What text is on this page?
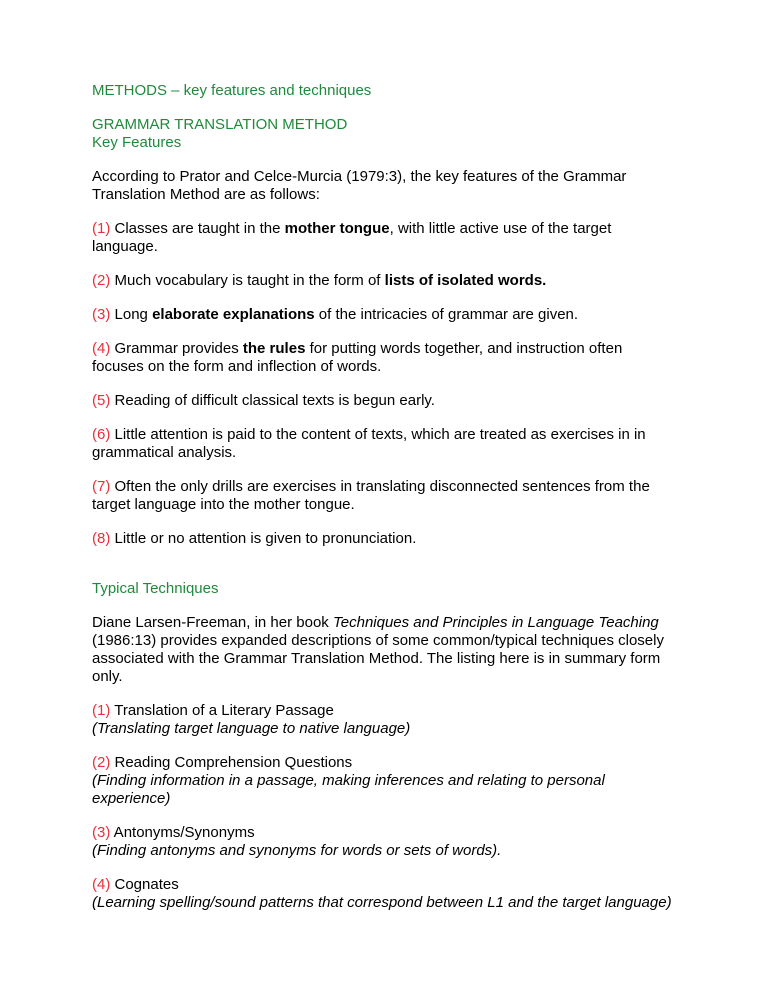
METHODS – key features and techniques

GRAMMAR TRANSLATION METHOD

Key Features

According to Prator and Celce-Murcia (1979:3), the key features of the Grammar Translation Method are as follows:

(1) Classes are taught in the mother tongue, with little active use of the target language.

(2) Much vocabulary is taught in the form of lists of isolated words.

(3) Long elaborate explanations of the intricacies of grammar are given.

(4) Grammar provides the rules for putting words together, and instruction often focuses on the form and inflection of words.

(5) Reading of difficult classical texts is begun early.

(6) Little attention is paid to the content of texts, which are treated as exercises in in grammatical analysis.

(7) Often the only drills are exercises in translating disconnected sentences from the target language into the mother tongue.

(8) Little or no attention is given to pronunciation.

Typical Techniques

Diane Larsen-Freeman, in her book Techniques and Principles in Language Teaching (1986:13) provides expanded descriptions of some common/typical techniques closely associated with the Grammar Translation Method. The listing here is in summary form only.

(1) Translation of a Literary Passage

(Translating target language to native language)

(2) Reading Comprehension Questions

(Finding information in a passage, making inferences and relating to personal experience)

(3) Antonyms/Synonyms

(Finding antonyms and synonyms for words or sets of words).

(4) Cognates

(Learning spelling/sound patterns that correspond between L1 and the target language)
